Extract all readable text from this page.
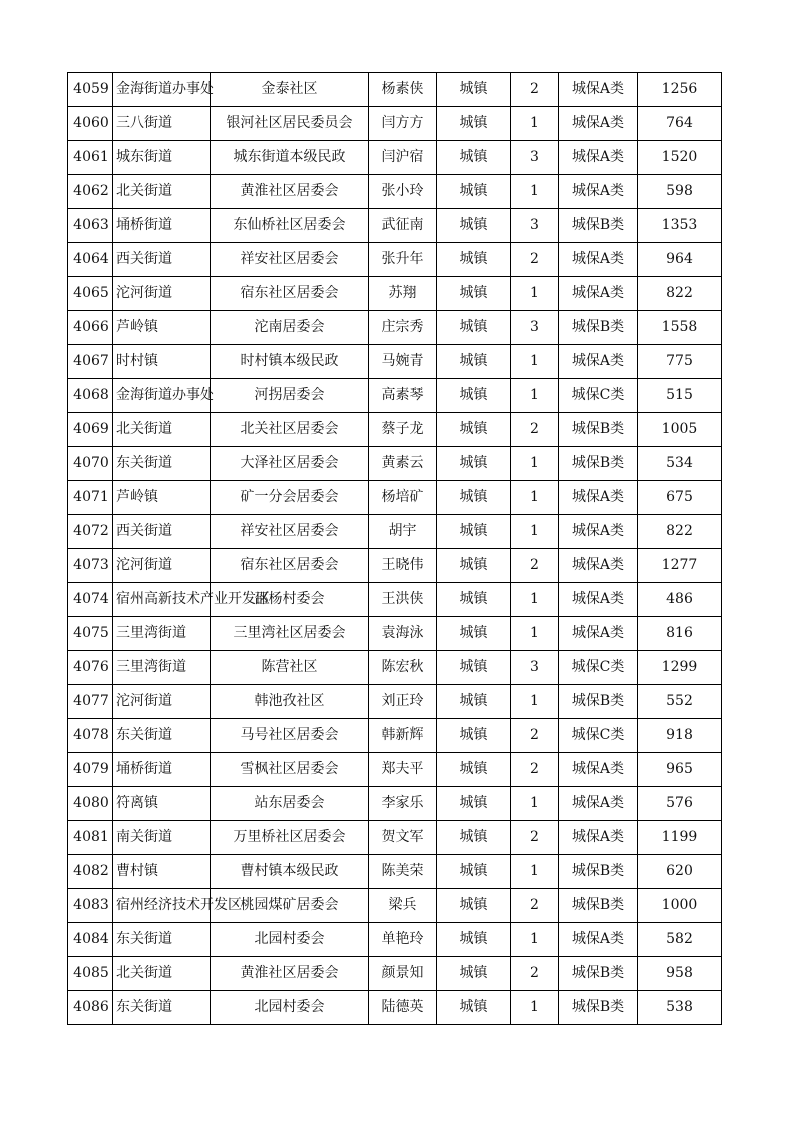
4059	金海街道办事处	金泰社区	杨素侠	城镇	2	城保A类	1256
4060	三八街道	银河社区居民委员会	闫方方	城镇	1	城保A类	764
4061	城东街道	城东街道本级民政	闫沪宿	城镇	3	城保A类	1520
4062	北关街道	黄淮社区居委会	张小玲	城镇	1	城保A类	598
4063	埇桥街道	东仙桥社区居委会	武征南	城镇	3	城保B类	1353
4064	西关街道	祥安社区居委会	张升年	城镇	2	城保A类	964
4065	沱河街道	宿东社区居委会	苏翔	城镇	1	城保A类	822
4066	芦岭镇	沱南居委会	庄宗秀	城镇	3	城保B类	1558
4067	时村镇	时村镇本级民政	马婉青	城镇	1	城保A类	775
4068	金海街道办事处	河拐居委会	高素琴	城镇	1	城保C类	515
4069	北关街道	北关社区居委会	蔡子龙	城镇	2	城保B类	1005
4070	东关街道	大泽社区居委会	黄素云	城镇	1	城保B类	534
4071	芦岭镇	矿一分会居委会	杨培矿	城镇	1	城保A类	675
4072	西关街道	祥安社区居委会	胡宇	城镇	1	城保A类	822
4073	沱河街道	宿东社区居委会	王晓伟	城镇	2	城保A类	1277
4074	宿州高新技术产业开发区	邵杨村委会	王洪侠	城镇	1	城保A类	486
4075	三里湾街道	三里湾社区居委会	袁海泳	城镇	1	城保A类	816
4076	三里湾街道	陈营社区	陈宏秋	城镇	3	城保C类	1299
4077	沱河街道	韩池孜社区	刘正玲	城镇	1	城保B类	552
4078	东关街道	马号社区居委会	韩新辉	城镇	2	城保C类	918
4079	埇桥街道	雪枫社区居委会	郑夫平	城镇	2	城保A类	965
4080	符离镇	站东居委会	李家乐	城镇	1	城保A类	576
4081	南关街道	万里桥社区居委会	贺文军	城镇	2	城保A类	1199
4082	曹村镇	曹村镇本级民政	陈美荣	城镇	1	城保B类	620
4083	宿州经济技术开发区	桃园煤矿居委会	梁兵	城镇	2	城保B类	1000
4084	东关街道	北园村委会	单艳玲	城镇	1	城保A类	582
4085	北关街道	黄淮社区居委会	颜景知	城镇	2	城保B类	958
4086	东关街道	北园村委会	陆德英	城镇	1	城保B类	538
